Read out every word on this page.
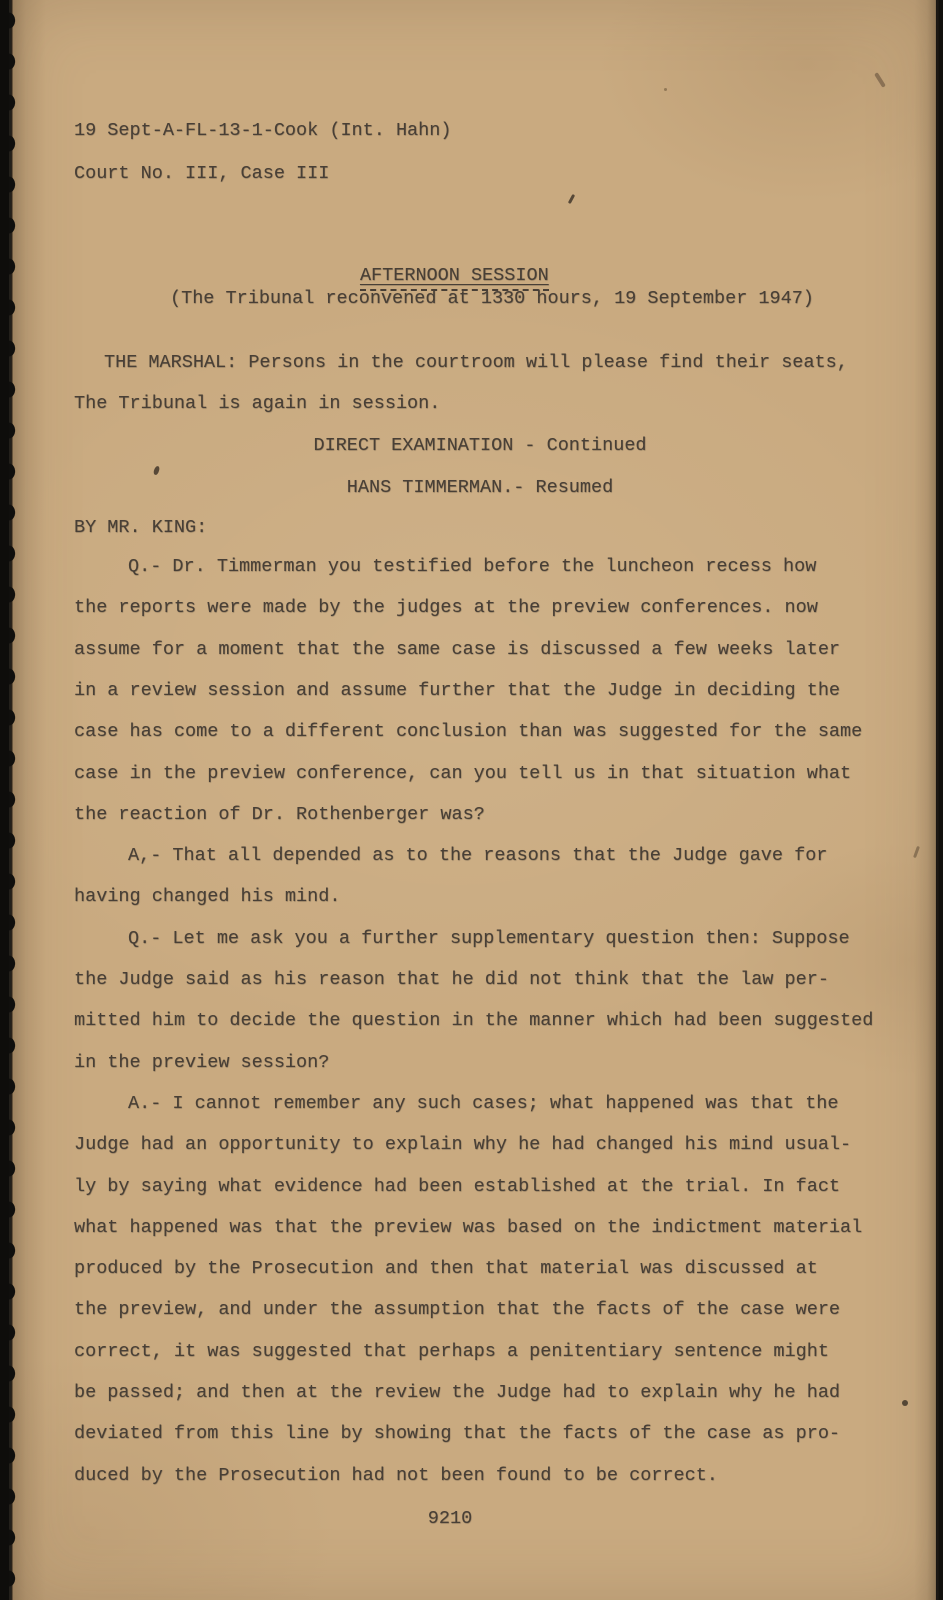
19 Sept-A-FL-13-1-Cook (Int. Hahn)

Court No. III, Case III

AFTERNOON SESSION

(The Tribunal reconvened at 1330 hours, 19 September 1947)

THE MARSHAL: Persons in the courtroom will please find their seats,

The Tribunal is again in session.

DIRECT EXAMINATION - Continued

HANS TIMMERMAN.- Resumed

BY MR. KING:

Q.- Dr. Timmerman you testified before the luncheon recess how
the reports were made by the judges at the preview conferences. now
assume for a moment that the same case is discussed a few weeks later
in a review session and assume further that the Judge in deciding the
case has come to a different conclusion than was suggested for the same
case in the preview conference, can you tell us in that situation what
the reaction of Dr. Rothenberger was?
A,- That all depended as to the reasons that the Judge gave for
having changed his mind.
Q.- Let me ask you a further supplementary question then: Suppose
the Judge said as his reason that he did not think that the law per-
mitted him to decide the question in the manner which had been suggested
in the preview session?
A.- I cannot remember any such cases; what happened was that the
Judge had an opportunity to explain why he had changed his mind usual-
ly by saying what evidence had been established at the trial. In fact
what happened was that the preview was based on the indictment material
produced by the Prosecution and then that material was discussed at
the preview, and under the assumption that the facts of the case were
correct, it was suggested that perhaps a penitentiary sentence might
be passed; and then at the review the Judge had to explain why he had
deviated from this line by showing that the facts of the case as pro-
duced by the Prosecution had not been found to be correct.

9210
